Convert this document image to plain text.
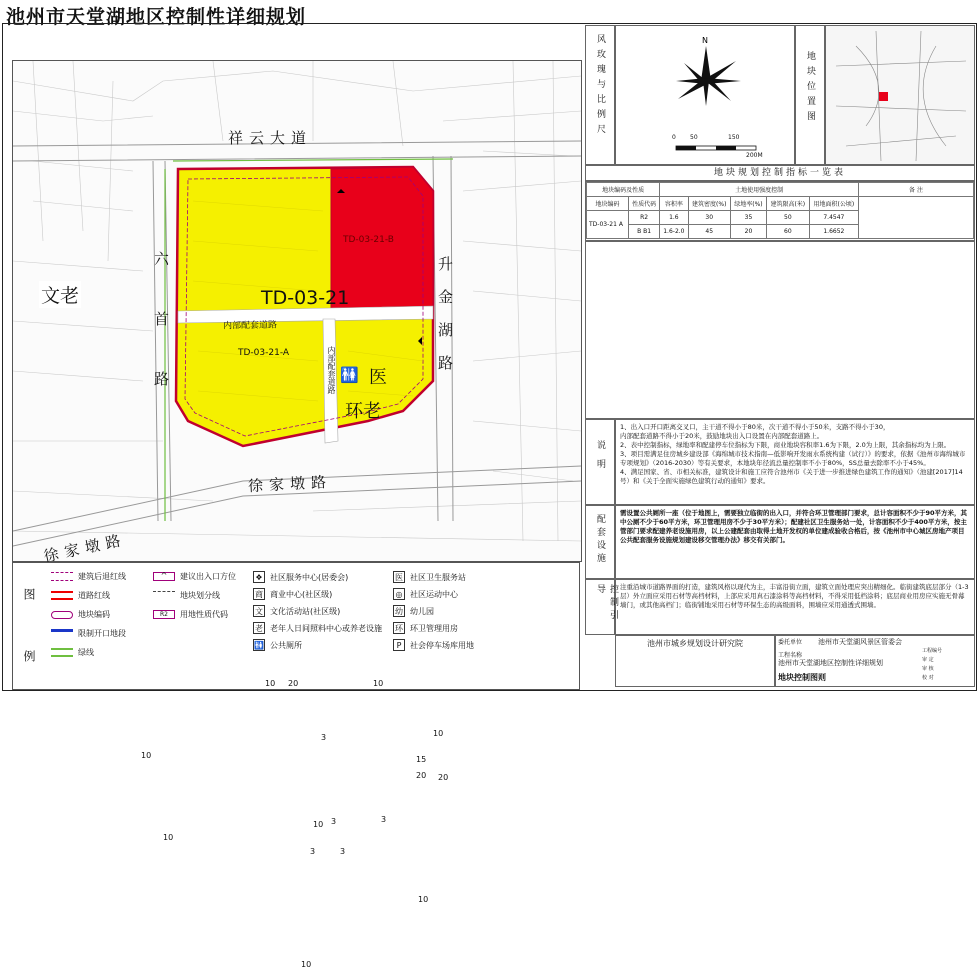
池州市天堂湖地区控制性详细规划
祥云大道
六首路	升金湖路
徐家墩路
徐家墩路
内部配套道路
内部配套道路
TD-03-21
TD-03-21-A
TD-03-21-B
文老
🚻 医
环老
10 20
3
10
10
20
15
20
10
3
3
10
3	3
10
10
10
图 例
建筑后退红线
道路红线
地块编码
限制开口地段
绿线
^	建议出入口方位
地块划分线
R2	用地性质代码
❖ 社区服务中心(居委会)
商 商业中心(社区级)
文 文化活动站(社区级)
老 老年人日间照料中心或养老设施
🚻 公共厕所
医 社区卫生服务站
◎ 社区运动中心
幼 幼儿园
环 环卫管理用房
P	社会停车场库用地
风玫瑰与比例尺	N
0 50	150
200M
地块位置图
地块规划控制指标一览表
地块编码及性质		土地使用强度控制					备 注
地块编码	性质代码	容积率	建筑密度(%)	绿地率(%)	建筑限高(米)	用地面积(公顷)	
TD-03-21 A	R2	1.6	30	35	50	7.4547	
	B B1	1.6-2.0	45	20	60	1.6652	
说明
1、出入口开口距离交叉口，主干道不得小于80米，次干道不得小于50米，支路不得小于30，
内部配套道路不得小于20米，鼓励地块出入口设置在内部配套道路上。
2、表中控制指标，绿地率和配建停车位指标为下限，商业地块容积率1.6为下限，2.0为上限，其余指标均为上限。
3、项目需满足住房城乡建设部《海绵城市技术指南—低影响开发雨水系统构建（试行）》的要求，依据《池州市海绵城市专项规划》（2016-2030）等有关要求，本地块年径流总量控制率不小于80%，SS总量去除率不小于45%。
4、满足国家、省、市相关标准，建筑设计和施工应符合池州市《关于进一步推进绿色建筑工作的通知》（池建[2017]14号）和《关于全面实施绿色建筑行动的通知》要求。
配套设施
需设置公共厕所一座（位于地图上，需要独立临街的出入口，并符合环卫管理部门要求，总计容面积不少于90平方米，其中公厕不少于60平方米，环卫管理用房不少于30平方米）；配建社区卫生服务站一处，计容面积不少于400平方米，按主管部门要求配建养老设施用房，以上公建配套由取得土地开发权的单位建成验收合格后，按《池州市中心城区房地产项目公共配套服务设施规划建设移交管理办法》移交有关部门。
控制引导	注重沿城市道路界面的打造，建筑风格以现代为主，丰富沿街立面，建筑立面处理应突出精细化。临街建筑底层部分（1-3层）外立面应采用石材等高档材料，上部应采用真石漆涂料等高档材料，不得采用低档涂料；底层商业用房应实施无骨幕墙门，或其他高档门；临街铺地采用石材等环保生态的高级面料，围墙应采用通透式围墙。
池州市城乡规划设计研究院	委托单位 池州市天堂湖风景区管委会
工程名称
池州市天堂湖地区控制性详细规划
地块控制图则
工程编号
审 定
审 核
校 对
